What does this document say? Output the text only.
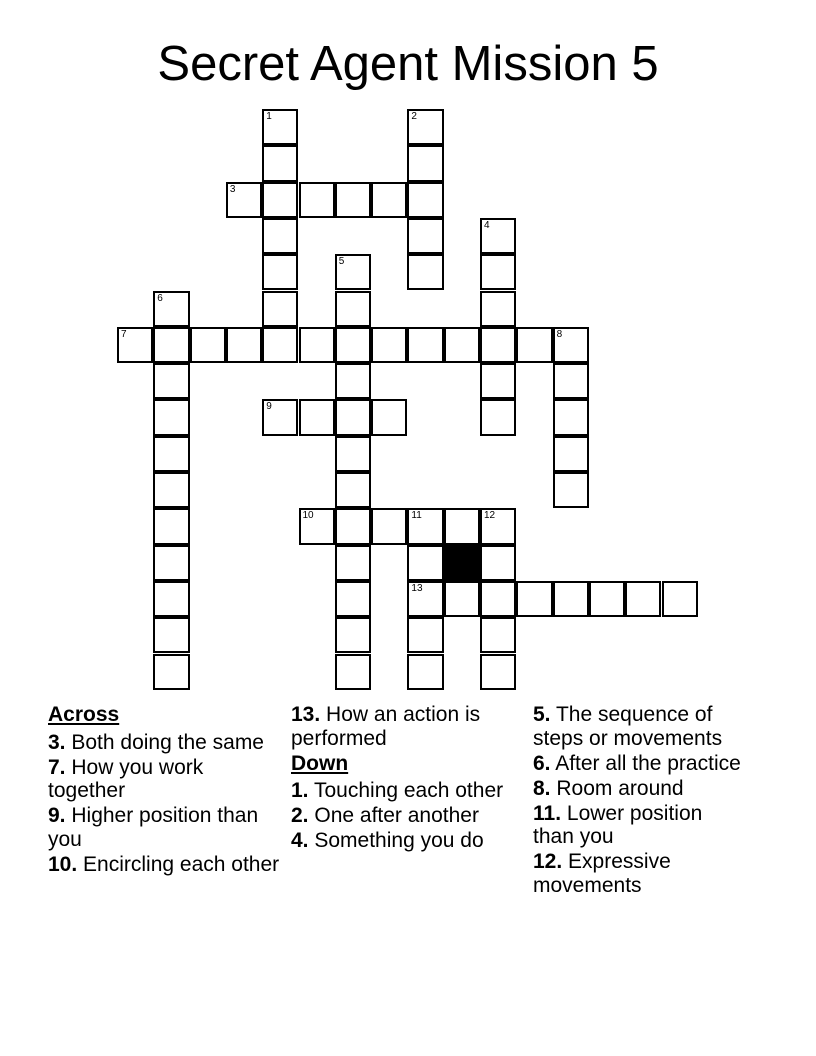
Secret Agent Mission 5
1	2
3
4
5
6
7	8
9
10	11	12
13
Across
3. Both doing the same
7. How you work together
9. Higher position than you
10. Encircling each other
13. How an action is performed
Down
1. Touching each other
2. One after another
4. Something you do
5. The sequence of steps or movements
6. After all the practice
8. Room around
11. Lower position than you
12. Expressive movements
